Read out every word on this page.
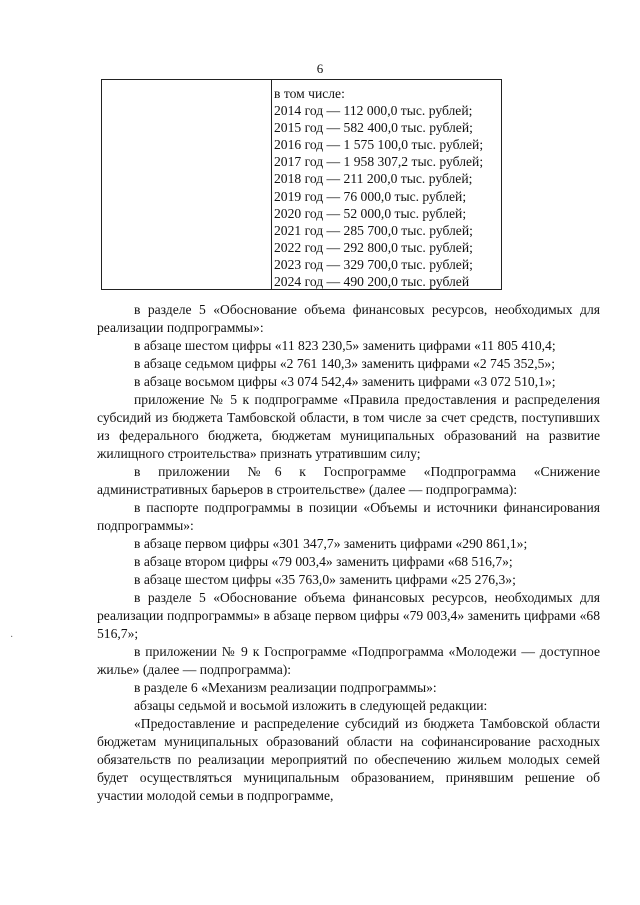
6
в том числе:
2014 год — 112 000,0 тыс. рублей;
2015 год — 582 400,0 тыс. рублей;
2016 год — 1 575 100,0 тыс. рублей;
2017 год — 1 958 307,2 тыс. рублей;
2018 год — 211 200,0 тыс. рублей;
2019 год — 76 000,0 тыс. рублей;
2020 год — 52 000,0 тыс. рублей;
2021 год — 285 700,0 тыс. рублей;
2022 год — 292 800,0 тыс. рублей;
2023 год — 329 700,0 тыс. рублей;
2024 год — 490 200,0 тыс. рублей

в разделе 5 «Обоснование объема финансовых ресурсов, необходимых для реализации подпрограммы»:

в абзаце шестом цифры «11 823 230,5» заменить цифрами «11 805 410,4;

в абзаце седьмом цифры «2 761 140,3» заменить цифрами «2 745 352,5»;

в абзаце восьмом цифры «3 074 542,4» заменить цифрами «3 072 510,1»;

приложение № 5 к подпрограмме «Правила предоставления и распределения субсидий из бюджета Тамбовской области, в том числе за счет средств, поступивших из федерального бюджета, бюджетам муниципальных образований на развитие жилищного строительства» признать утратившим силу;

в приложении №6 к Госпрограмме «Подпрограмма «Снижение административных барьеров в строительстве» (далее — подпрограмма):

в паспорте подпрограммы в позиции «Объемы и источники финансирования подпрограммы»:

в абзаце первом цифры «301 347,7» заменить цифрами «290 861,1»;

в абзаце втором цифры «79 003,4» заменить цифрами «68 516,7»;

в абзаце шестом цифры «35 763,0» заменить цифрами «25 276,3»;

в разделе 5 «Обоснование объема финансовых ресурсов, необходимых для реализации подпрограммы» в абзаце первом цифры «79 003,4» заменить цифрами «68 516,7»;

в приложении № 9 к Госпрограмме «Подпрограмма «Молодежи — доступное жилье» (далее — подпрограмма):

в разделе 6 «Механизм реализации подпрограммы»:

абзацы седьмой и восьмой изложить в следующей редакции:

«Предоставление и распределение субсидий из бюджета Тамбовской области бюджетам муниципальных образований области на софинансирование расходных обязательств по реализации мероприятий по обеспечению жильем молодых семей будет осуществляться муниципальным образованием, принявшим решение об участии молодой семьи в подпрограмме,

·
